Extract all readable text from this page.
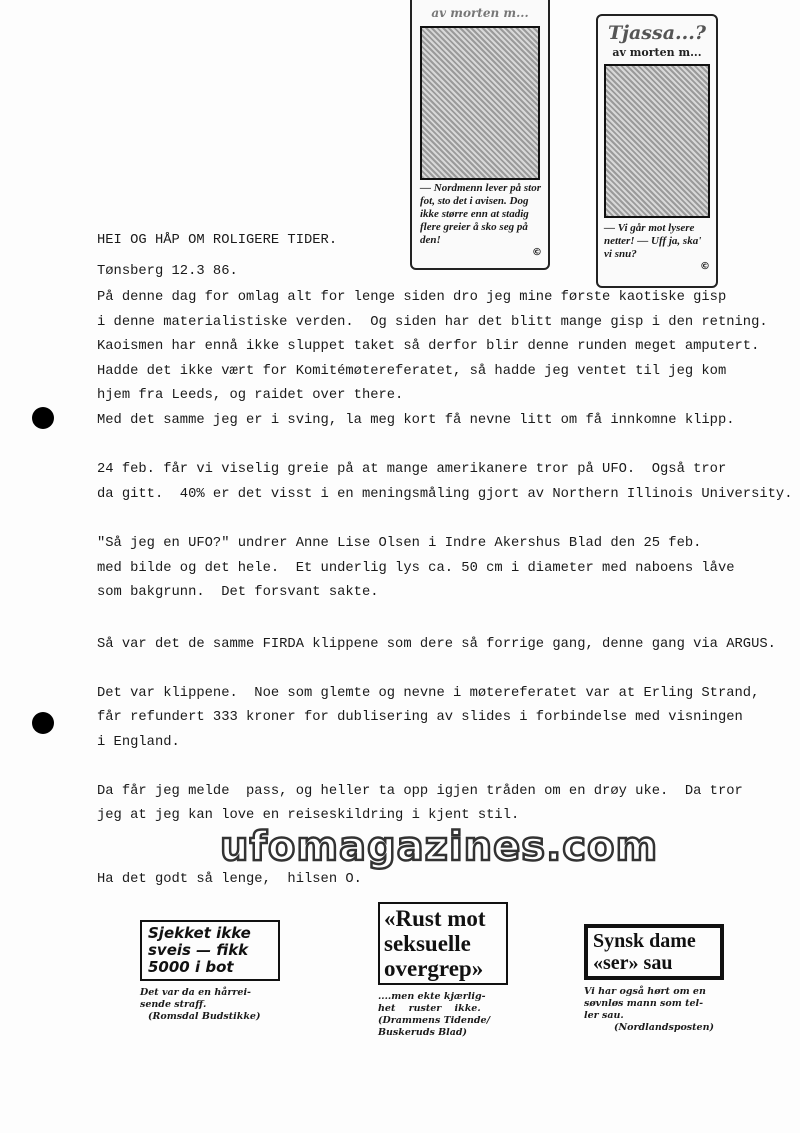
av morten m...
— Nordmenn lever på stor fot, sto det i avisen. Dog ikke større enn at stadig flere greier å sko seg på den!
©
Tjassa...?
av morten m...
— Vi går mot lysere netter! — Uff ja, ska' vi snu?
©
HEI OG HÅP OM ROLIGERE TIDER.
Tønsberg 12.3 86.
På denne dag for omlag alt for lenge siden dro jeg mine første kaotiske gisp
i denne materialistiske verden.  Og siden har det blitt mange gisp i den retning.
Kaoismen har ennå ikke sluppet taket så derfor blir denne runden meget amputert.
Hadde det ikke vært for Komitémøtereferatet, så hadde jeg ventet til jeg kom
hjem fra Leeds, og raidet over there.
Med det samme jeg er i sving, la meg kort få nevne litt om få innkomne klipp.
24 feb. får vi viselig greie på at mange amerikanere tror på UFO.  Også tror
da gitt.  40% er det visst i en meningsmåling gjort av Northern Illinois University.
"Så jeg en UFO?" undrer Anne Lise Olsen i Indre Akershus Blad den 25 feb.
med bilde og det hele.  Et underlig lys ca. 50 cm i diameter med naboens låve
som bakgrunn.  Det forsvant sakte.
Så var det de samme FIRDA klippene som dere så forrige gang, denne gang via ARGUS.
Det var klippene.  Noe som glemte og nevne i møtereferatet var at Erling Strand,
får refundert 333 kroner for dublisering av slides i forbindelse med visningen
i England.
Da får jeg melde  pass, og heller ta opp igjen tråden om en drøy uke.  Da tror
jeg at jeg kan love en reiseskildring i kjent stil.
Ha det godt så lenge,  hilsen O.
ufomagazines.com
Sjekket ikke
sveis — fikk
5000 i bot
Det var da en hårrei-
sende straff.
(Romsdal Budstikke)
«Rust mot
seksuelle
overgrep»
....men ekte kjærlig-
het    ruster    ikke.
(Drammens Tidende/
Buskeruds Blad)
Synsk dame
«ser» sau
Vi har også hørt om en
søvnløs mann som tel-
ler sau.
(Nordlandsposten)
